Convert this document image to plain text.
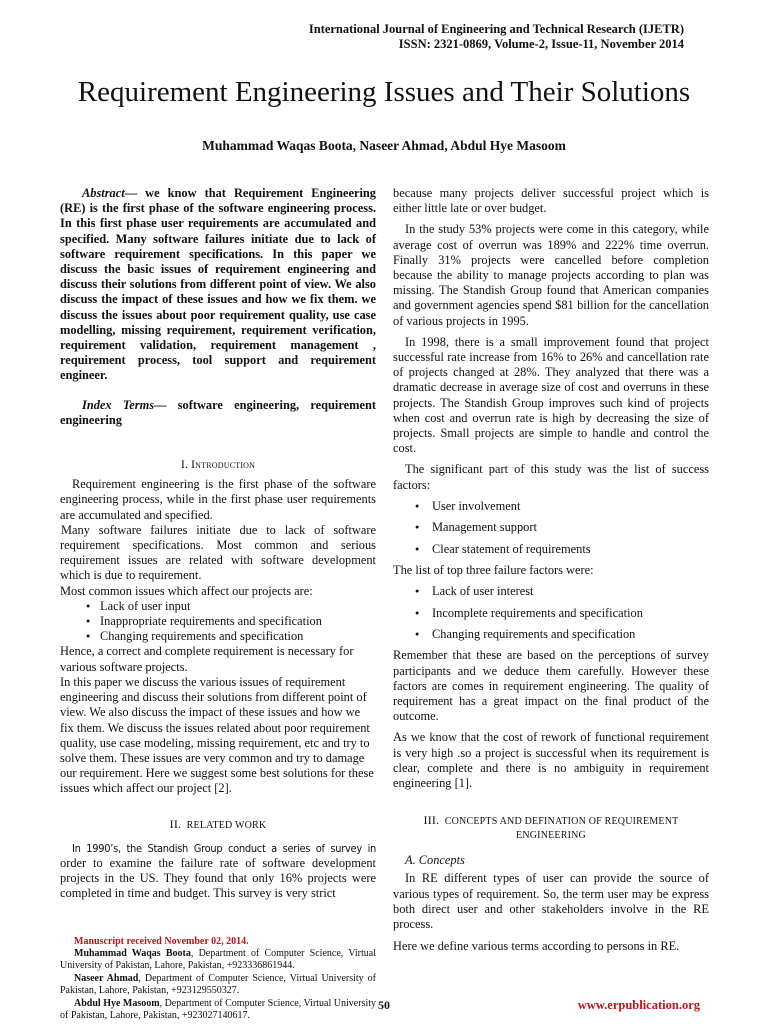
International Journal of Engineering and Technical Research (IJETR)
ISSN: 2321-0869, Volume-2, Issue-11, November 2014
Requirement Engineering Issues and Their Solutions
Muhammad Waqas Boota, Naseer Ahmad, Abdul Hye Masoom

Abstract— we know that Requirement Engineering (RE) is the first phase of the software engineering process. In this first phase user requirements are accumulated and specified. Many software failures initiate due to lack of software requirement specifications. In this paper we discuss the basic issues of requirement engineering and discuss their solutions from different point of view. We also discuss the impact of these issues and how we fix them. we discuss the issues about poor requirement quality, use case modelling, missing requirement, requirement verification, requirement validation, requirement management , requirement process, tool support and requirement engineer.

Index Terms— software engineering, requirement engineering

I. Introduction

Requirement engineering is the first phase of the software engineering process, while in the first phase user requirements are accumulated and specified.

Many software failures initiate due to lack of software requirement specifications. Most common and serious requirement issues are related with software development which is due to requirement.

Most common issues which affect our projects are:

● Lack of user input
● Inappropriate requirements and specification
● Changing requirements and specification

Hence, a correct and complete requirement is necessary for various software projects.

In this paper we discuss the various issues of requirement engineering and discuss their solutions from different point of view. We also discuss the impact of these issues and how we fix them. We discuss the issues related about poor requirement quality, use case modeling, missing requirement, etc and try to solve them. These issues are very common and try to damage our requirement. Here we suggest some best solutions for these issues which affect our project [2].

II. RELATED WORK

In 1990’s, the Standish Group conduct a series of survey in order to examine the failure rate of software development projects in the US. They found that only 16% projects were completed in time and budget. This survey is very strict

Manuscript received November 02, 2014.
Muhammad Waqas Boota, Department of Computer Science, Virtual University of Pakistan, Lahore, Pakistan, +923336861944.
Naseer Ahmad, Department of Computer Science, Virtual University of Pakistan, Lahore, Pakistan, +923129550327.
Abdul Hye Masoom, Department of Computer Science, Virtual University of Pakistan, Lahore, Pakistan, +923027140617.

because many projects deliver successful project which is either little late or over budget.

In the study 53% projects were come in this category, while average cost of overrun was 189% and 222% time overrun. Finally 31% projects were cancelled before completion because the ability to manage projects according to plan was missing. The Standish Group found that American companies and government agencies spend $81 billion for the cancellation of various projects in 1995.

In 1998, there is a small improvement found that project successful rate increase from 16% to 26% and cancellation rate of projects changed at 28%. They analyzed that there was a dramatic decrease in average size of cost and overruns in these projects. The Standish Group improves such kind of projects when cost and overrun rate is high by decreasing the size of projects. Small projects are simple to handle and control the cost.

The significant part of this study was the list of success factors:

● User involvement
● Management support
● Clear statement of requirements

The list of top three failure factors were:

● Lack of user interest
● Incomplete requirements and specification
● Changing requirements and specification

Remember that these are based on the perceptions of survey participants and we deduce them carefully. However these factors are comes in requirement engineering. The quality of requirement has a great impact on the final product of the outcome.

As we know that the cost of rework of functional requirement is very high .so a project is successful when its requirement is clear, complete and there is no ambiguity in requirement engineering [1].

III. CONCEPTS AND DEFINATION OF REQUIREMENT
ENGINEERING

A. Concepts

In RE different types of user can provide the source of various types of requirement. So, the term user may be express both direct user and other stakeholders involve in the RE process.

Here we define various terms according to persons in RE.

50	www.erpublication.org
